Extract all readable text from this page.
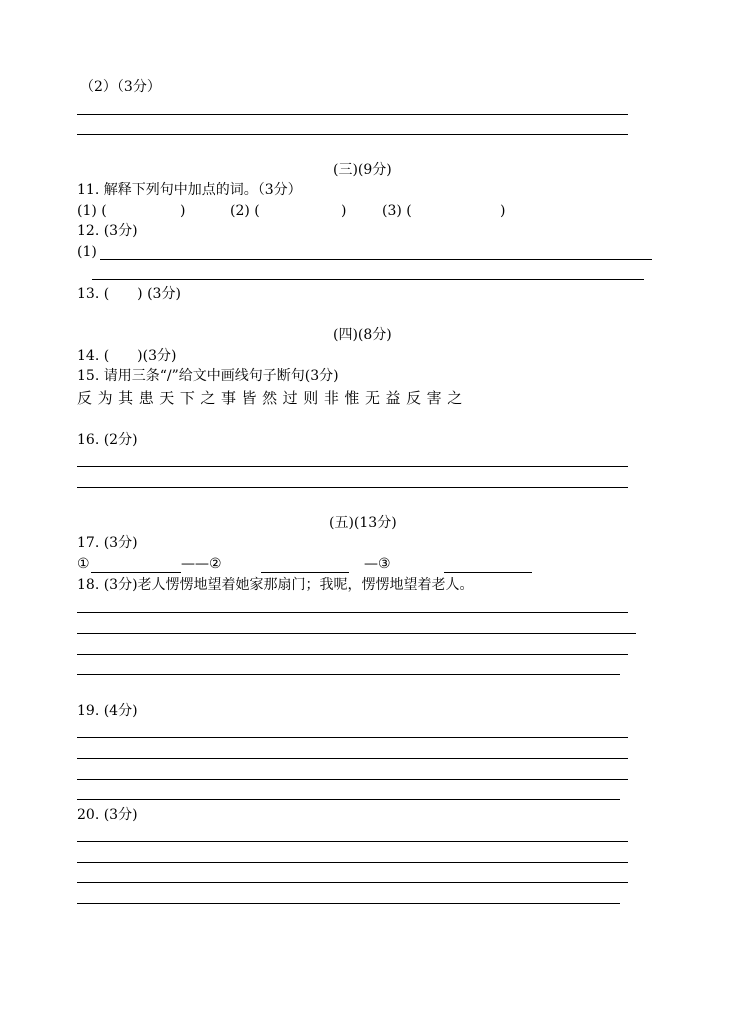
（2）（3分）
(三)(9分)
11. 解释下列句中加点的词。（3分）
(1) (	)	(2) (	)	(3) (	)
12. (3分)
(1)
13. (　　) (3分)
(四)(8分)
14. (　　)(3分)
15. 请用三条“/”给文中画线句子断句(3分)
反 为 其 患 天 下 之 事 皆 然 过 则 非 惟 无 益 反 害 之
16. (2分)
(五)(13分)
17. (3分)
①	——②	—③
18. (3分)老人愣愣地望着她家那扇门；我呢，愣愣地望着老人。
19. (4分)
20. (3分)
